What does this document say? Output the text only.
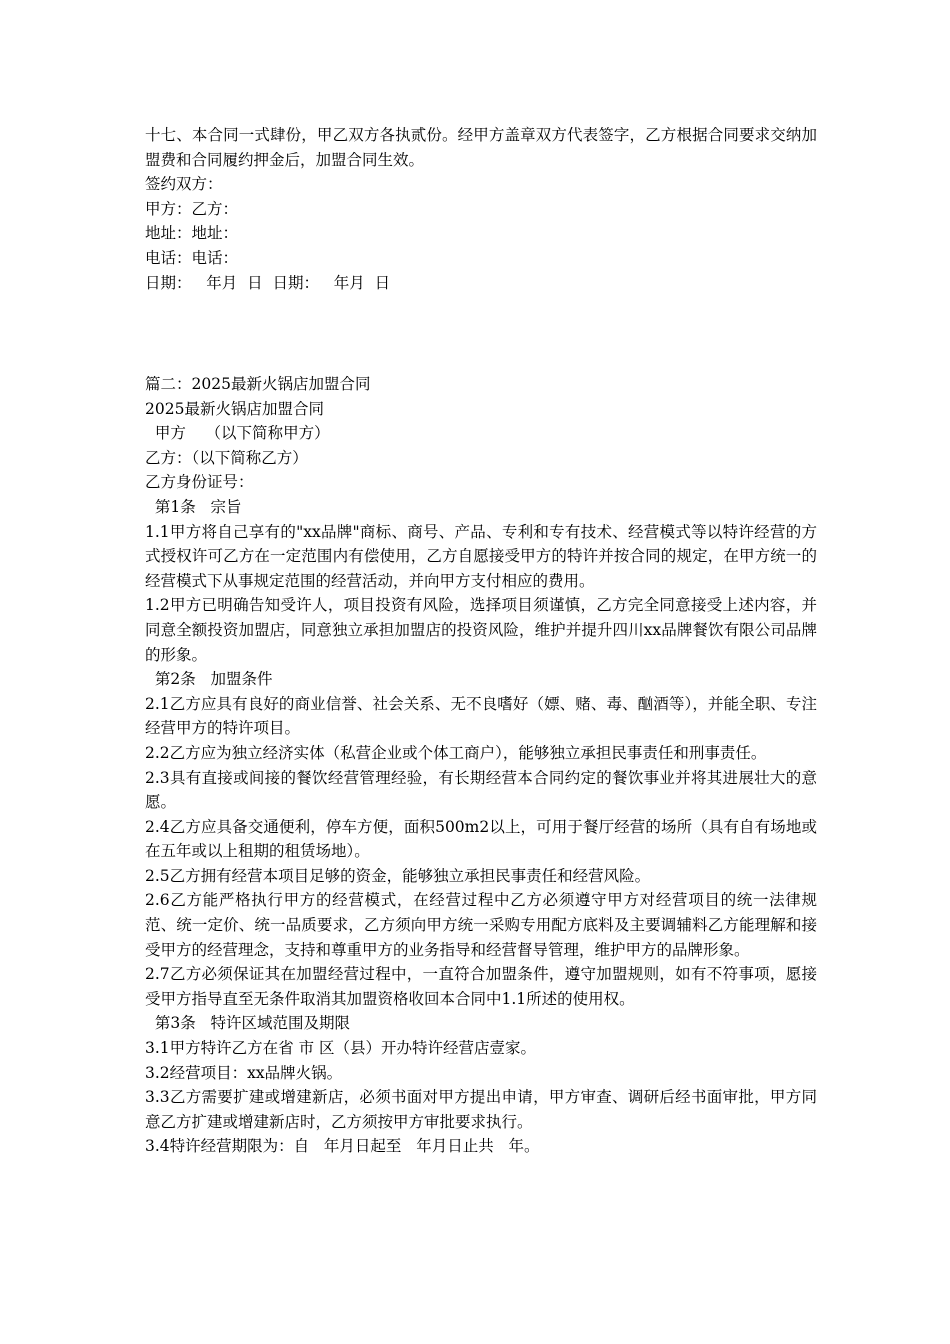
十七、本合同一式肆份，甲乙双方各执贰份。经甲方盖章双方代表签字，乙方根据合同要求交纳加盟费和合同履约押金后，加盟合同生效。
签约双方：
甲方：乙方：
地址：地址：
电话：电话：
日期：   年月  日  日期：   年月  日
篇二：2025最新火锅店加盟合同
2025最新火锅店加盟合同
甲方    （以下简称甲方）
乙方：（以下简称乙方）
乙方身份证号：
第1条   宗旨
1.1甲方将自己享有的"xx品牌"商标、商号、产品、专利和专有技术、经营模式等以特许经营的方式授权许可乙方在一定范围内有偿使用，乙方自愿接受甲方的特许并按合同的规定，在甲方统一的经营模式下从事规定范围的经营活动，并向甲方支付相应的费用。
1.2甲方已明确告知受许人，项目投资有风险，选择项目须谨慎，乙方完全同意接受上述内容，并同意全额投资加盟店，同意独立承担加盟店的投资风险，维护并提升四川xx品牌餐饮有限公司品牌的形象。
第2条   加盟条件
2.1乙方应具有良好的商业信誉、社会关系、无不良嗜好（嫖、赌、毒、酗酒等），并能全职、专注经营甲方的特许项目。
2.2乙方应为独立经济实体（私营企业或个体工商户），能够独立承担民事责任和刑事责任。
2.3具有直接或间接的餐饮经营管理经验，有长期经营本合同约定的餐饮事业并将其进展壮大的意愿。
2.4乙方应具备交通便利，停车方便，面积500m2以上，可用于餐厅经营的场所（具有自有场地或在五年或以上租期的租赁场地）。
2.5乙方拥有经营本项目足够的资金，能够独立承担民事责任和经营风险。
2.6乙方能严格执行甲方的经营模式，在经营过程中乙方必须遵守甲方对经营项目的统一法律规范、统一定价、统一品质要求，乙方须向甲方统一采购专用配方底料及主要调辅料乙方能理解和接受甲方的经营理念，支持和尊重甲方的业务指导和经营督导管理，维护甲方的品牌形象。
2.7乙方必须保证其在加盟经营过程中，一直符合加盟条件，遵守加盟规则，如有不符事项，愿接受甲方指导直至无条件取消其加盟资格收回本合同中1.1所述的使用权。
第3条   特许区域范围及期限
3.1甲方特许乙方在省 市 区（县）开办特许经营店壹家。
3.2经营项目：xx品牌火锅。
3.3乙方需要扩建或增建新店，必须书面对甲方提出申请，甲方审查、调研后经书面审批，甲方同意乙方扩建或增建新店时，乙方须按甲方审批要求执行。
3.4特许经营期限为：自   年月日起至   年月日止共   年。
